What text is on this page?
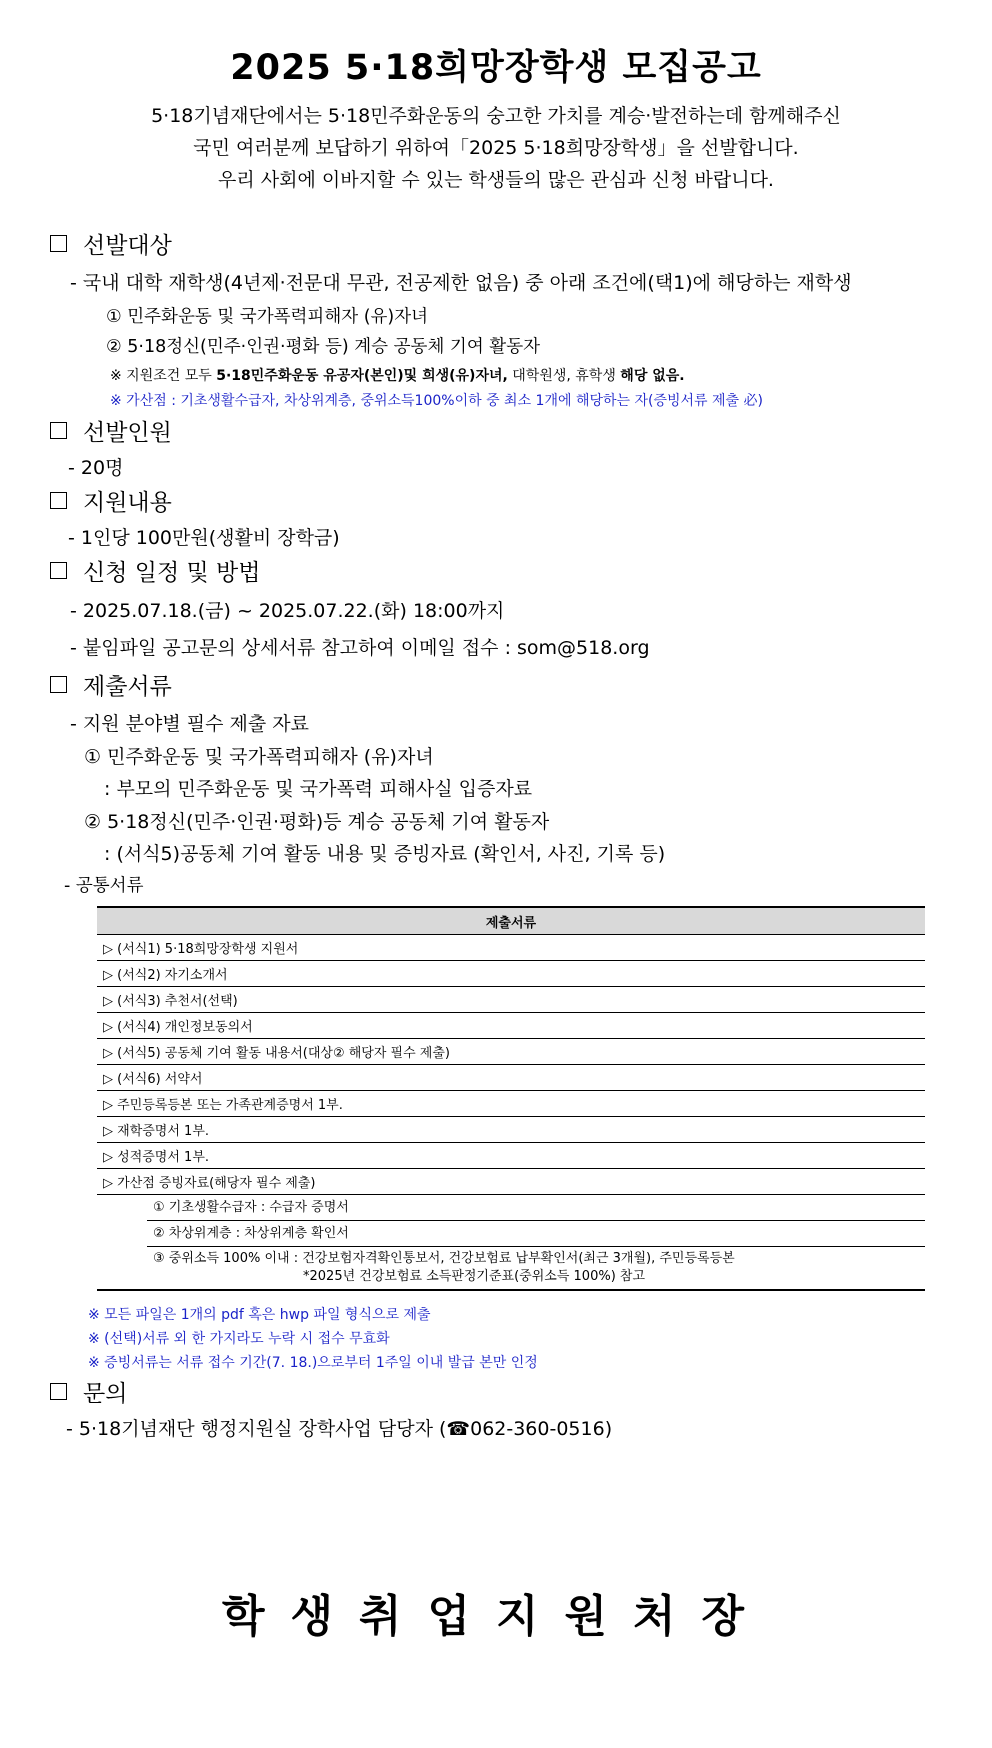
2025 5·18희망장학생 모집공고
5·18기념재단에서는 5·18민주화운동의 숭고한 가치를 계승·발전하는데 함께해주신
국민 여러분께 보답하기 위하여「2025 5·18희망장학생」을 선발합니다.
우리 사회에 이바지할 수 있는 학생들의 많은 관심과 신청 바랍니다.
선발대상
- 국내 대학 재학생(4년제·전문대 무관, 전공제한 없음) 중 아래 조건에(택1)에 해당하는 재학생
① 민주화운동 및 국가폭력피해자 (유)자녀
② 5·18정신(민주·인권·평화 등) 계승 공동체 기여 활동자
※ 지원조건 모두 5·18민주화운동 유공자(본인)및 희생(유)자녀, 대학원생, 휴학생 해당 없음.
※ 가산점 : 기초생활수급자, 차상위계층, 중위소득100%이하 중 최소 1개에 해당하는 자(증빙서류 제출 必)
선발인원
- 20명
지원내용
- 1인당 100만원(생활비 장학금)
신청 일정 및 방법
- 2025.07.18.(금) ~ 2025.07.22.(화) 18:00까지
- 붙임파일 공고문의 상세서류 참고하여 이메일 접수 : som@518.org
제출서류
- 지원 분야별 필수 제출 자료
① 민주화운동 및 국가폭력피해자 (유)자녀
: 부모의 민주화운동 및 국가폭력 피해사실 입증자료
② 5·18정신(민주·인권·평화)등 계승 공동체 기여 활동자
: (서식5)공동체 기여 활동 내용 및 증빙자료 (확인서, 사진, 기록 등)
- 공통서류
제출서류
▷ (서식1) 5·18희망장학생 지원서
▷ (서식2) 자기소개서
▷ (서식3) 추천서(선택)
▷ (서식4) 개인정보동의서
▷ (서식5) 공동체 기여 활동 내용서(대상② 해당자 필수 제출)
▷ (서식6) 서약서
▷ 주민등록등본 또는 가족관계증명서 1부.
▷ 재학증명서 1부.
▷ 성적증명서 1부.
▷ 가산점 증빙자료(해당자 필수 제출)

① 기초생활수급자 : 수급자 증명서

② 차상위계층 : 차상위계층 확인서

③ 중위소득 100% 이내 : 건강보험자격확인통보서, 건강보험료 납부확인서(최근 3개월), 주민등록등본
*2025년 건강보험료 소득판정기준표(중위소득 100%) 참고
※ 모든 파일은 1개의 pdf 혹은 hwp 파일 형식으로 제출
※ (선택)서류 외 한 가지라도 누락 시 접수 무효화
※ 증빙서류는 서류 접수 기간(7. 18.)으로부터 1주일 이내 발급 본만 인정
문의
- 5·18기념재단 행정지원실 장학사업 담당자 (☎062-360-0516)
학생취업지원처장
